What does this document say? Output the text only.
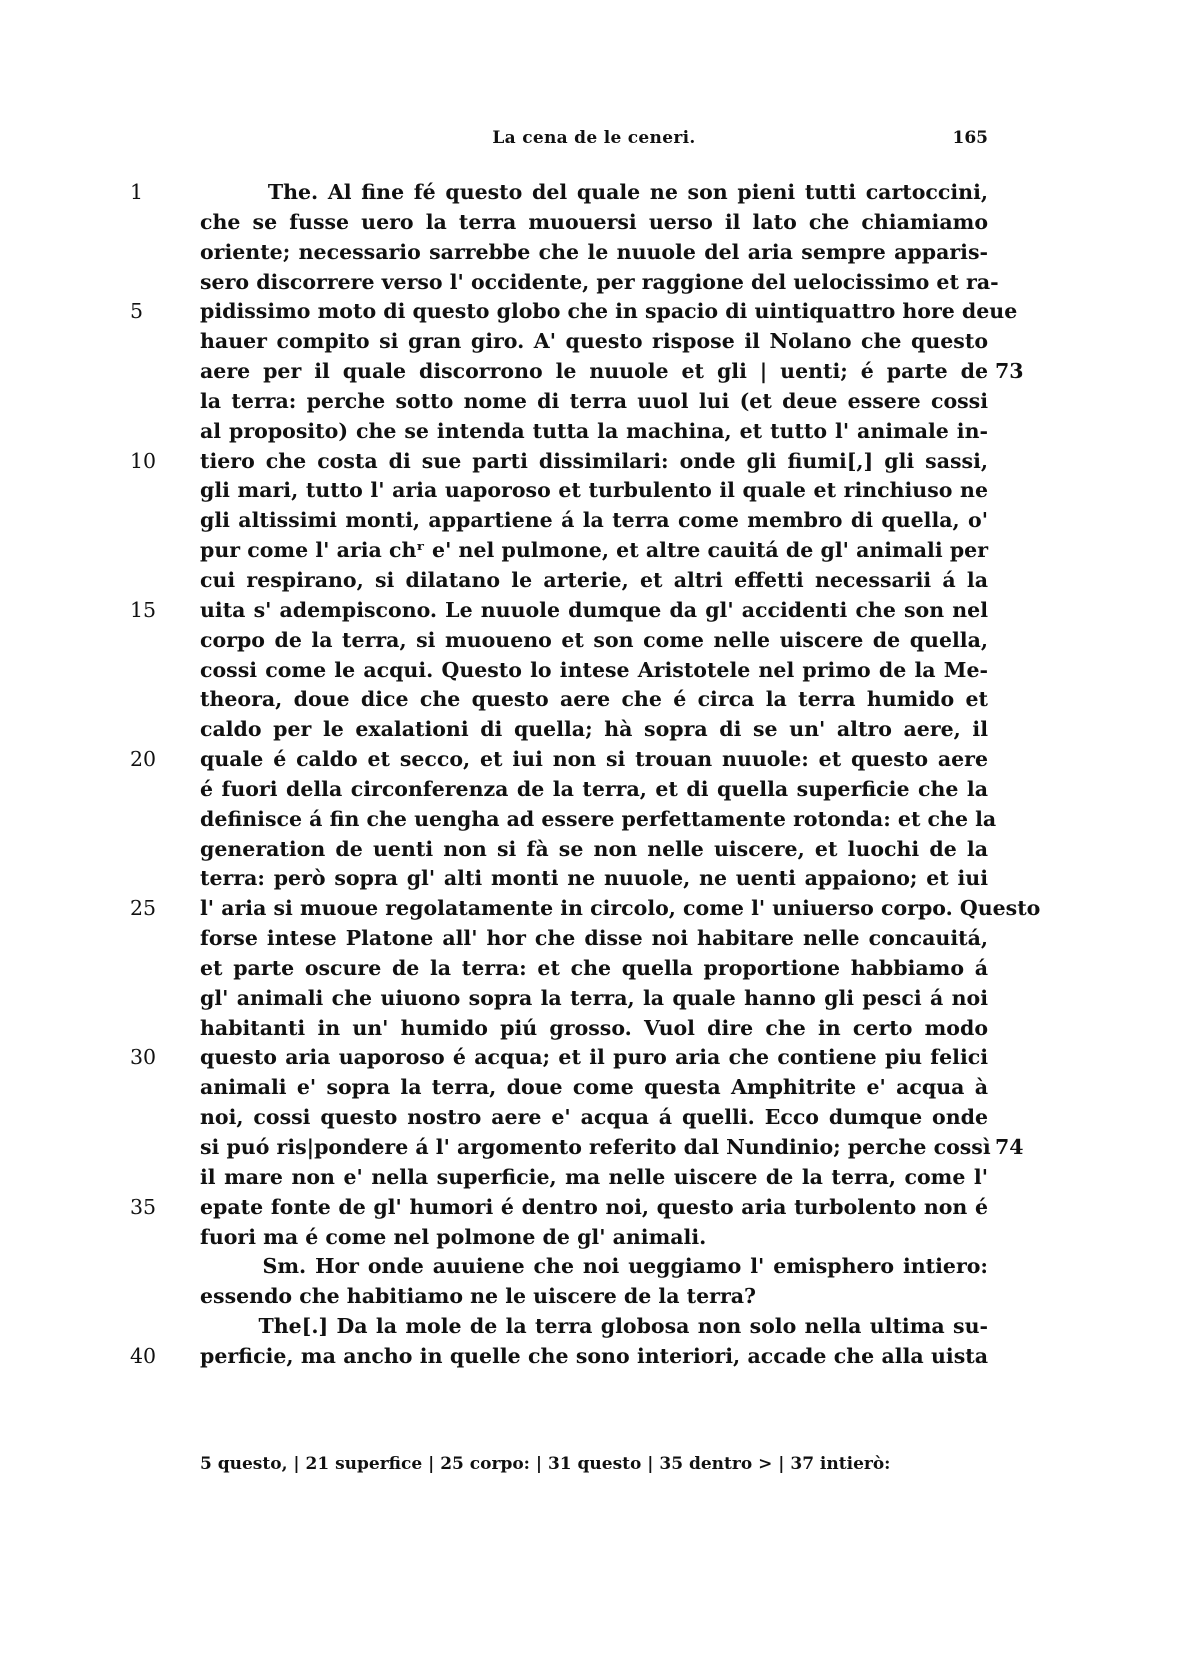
La cena de le ceneri.	165
1	The. Al fine fé questo del quale ne son pieni tutti cartoccini,
che se fusse uero la terra muouersi uerso il lato che chiamiamo
oriente; necessario sarrebbe che le nuuole del aria sempre apparis-
sero discorrere verso l' occidente, per raggione del uelocissimo et ra-
5	pidissimo moto di questo globo che in spacio di uintiquattro hore deue
hauer compito si gran giro. A' questo rispose il Nolano che questo
aere per il quale discorrono le nuuole et gli | uenti; é parte de 73
la terra: perche sotto nome di terra uuol lui (et deue essere cossi
al proposito) che se intenda tutta la machina, et tutto l' animale in-
10	tiero che costa di sue parti dissimilari: onde gli fiumi[,] gli sassi,
gli mari, tutto l' aria uaporoso et turbulento il quale et rinchiuso ne
gli altissimi monti, appartiene á la terra come membro di quella, o'
pur come l' aria chʳ e' nel pulmone, et altre cauitá de gl' animali per
cui respirano, si dilatano le arterie, et altri effetti necessarii á la
15	uita s' adempiscono. Le nuuole dumque da gl' accidenti che son nel
corpo de la terra, si muoueno et son come nelle uiscere de quella,
cossi come le acqui. Questo lo intese Aristotele nel primo de la Me-
theora, doue dice che questo aere che é circa la terra humido et
caldo per le exalationi di quella; hà sopra di se un' altro aere, il
20	quale é caldo et secco, et iui non si trouan nuuole: et questo aere
é fuori della circonferenza de la terra, et di quella superficie che la
definisce á fin che uengha ad essere perfettamente rotonda: et che la
generation de uenti non si fà se non nelle uiscere, et luochi de la
terra: però sopra gl' alti monti ne nuuole, ne uenti appaiono; et iui
25	l' aria si muoue regolatamente in circolo, come l' uniuerso corpo. Questo
forse intese Platone all' hor che disse noi habitare nelle concauitá,
et parte oscure de la terra: et che quella proportione habbiamo á
gl' animali che uiuono sopra la terra, la quale hanno gli pesci á noi
habitanti in un' humido piú grosso. Vuol dire che in certo modo
30	questo aria uaporoso é acqua; et il puro aria che contiene piu felici
animali e' sopra la terra, doue come questa Amphitrite e' acqua à
noi, cossi questo nostro aere e' acqua á quelli. Ecco dumque onde
si puó ris|pondere á l' argomento referito dal Nundinio; perche cossì 74
il mare non e' nella superficie, ma nelle uiscere de la terra, come l'
35	epate fonte de gl' humori é dentro noi, questo aria turbolento non é
fuori ma é come nel polmone de gl' animali.
Sm. Hor onde auuiene che noi ueggiamo l' emisphero intiero:
essendo che habitiamo ne le uiscere de la terra?
The[.] Da la mole de la terra globosa non solo nella ultima su-
40	perficie, ma ancho in quelle che sono interiori, accade che alla uista
5 questo, | 21 superfice | 25 corpo: | 31 questo | 35 dentro > | 37 intierò:
